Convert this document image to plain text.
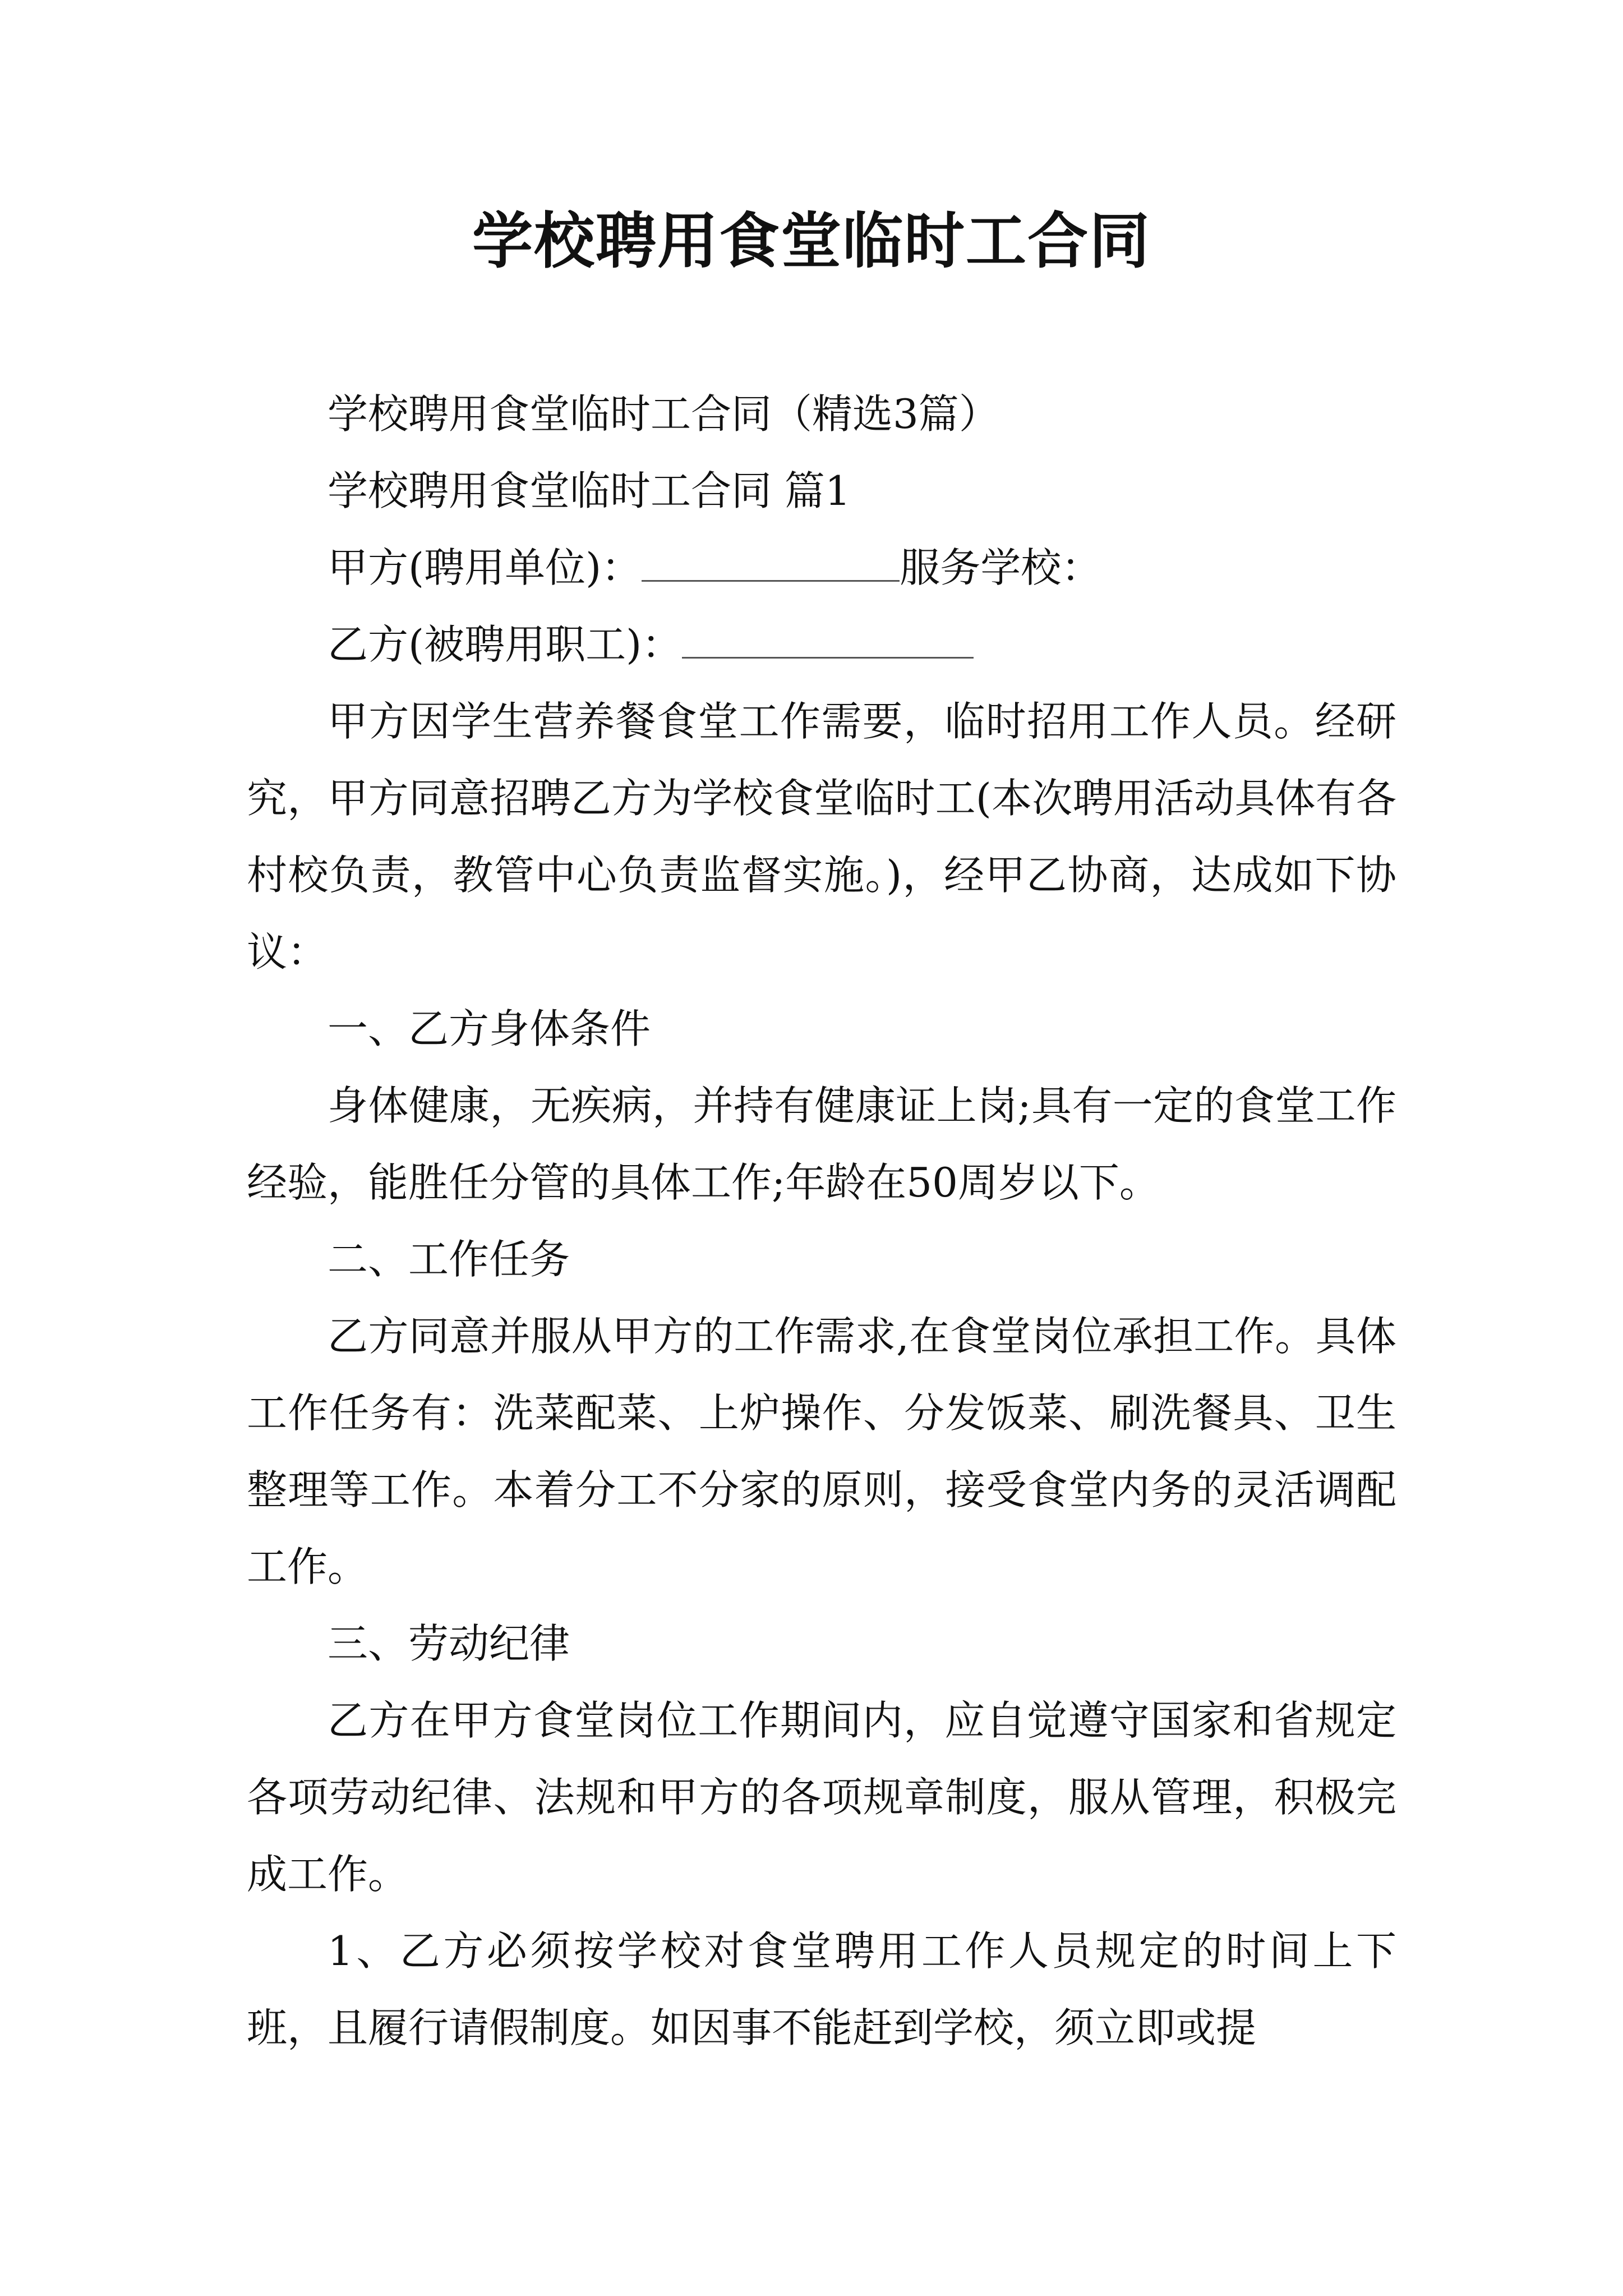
学校聘用食堂临时工合同

学校聘用食堂临时工合同（精选3篇）

学校聘用食堂临时工合同 篇1

甲方(聘用单位)：	服务学校：

乙方(被聘用职工)：

甲方因学生营养餐食堂工作需要，临时招用工作人员。经研究，甲方同意招聘乙方为学校食堂临时工(本次聘用活动具体有各村校负责，教管中心负责监督实施。)，经甲乙协商，达成如下协议：

一、乙方身体条件

身体健康，无疾病，并持有健康证上岗;具有一定的食堂工作经验，能胜任分管的具体工作;年龄在50周岁以下。

二、工作任务

乙方同意并服从甲方的工作需求,在食堂岗位承担工作。具体工作任务有：洗菜配菜、上炉操作、分发饭菜、刷洗餐具、卫生整理等工作。本着分工不分家的原则，接受食堂内务的灵活调配工作。

三、劳动纪律

乙方在甲方食堂岗位工作期间内，应自觉遵守国家和省规定各项劳动纪律、法规和甲方的各项规章制度，服从管理，积极完成工作。

1、乙方必须按学校对食堂聘用工作人员规定的时间上下班，且履行请假制度。如因事不能赶到学校，须立即或提
